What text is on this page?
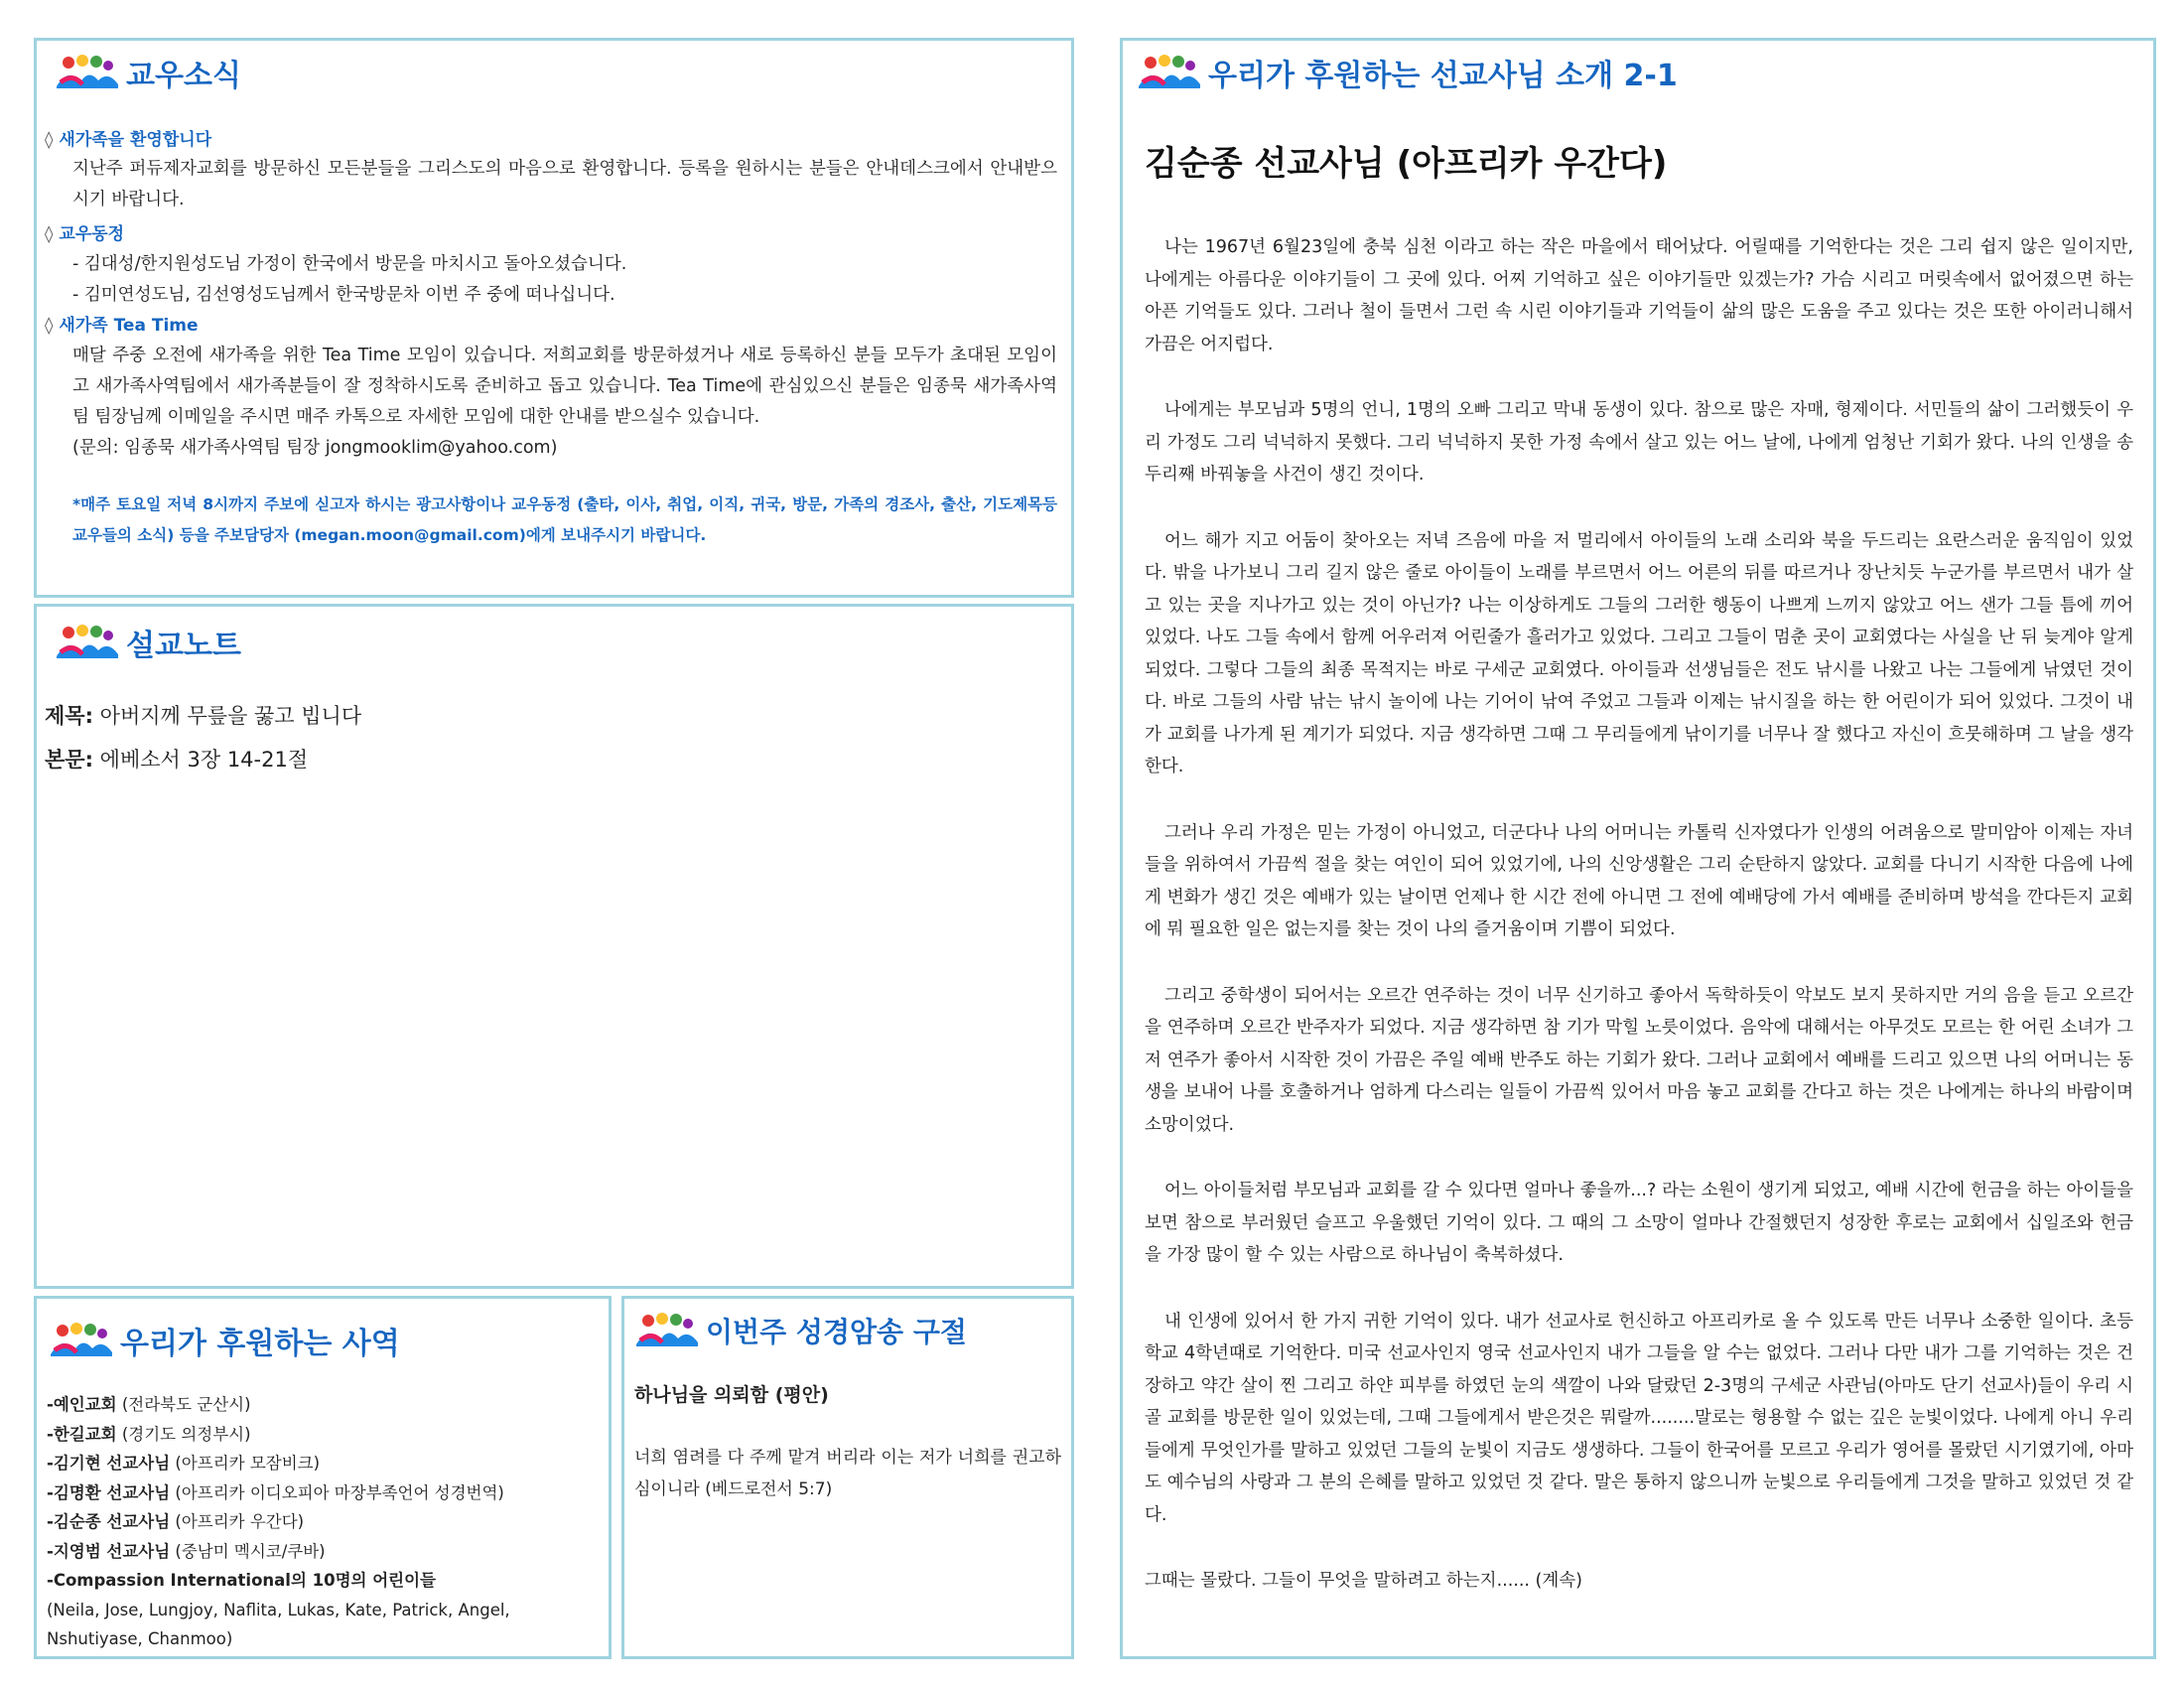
교우소식
◊ 새가족을 환영합니다
지난주 퍼듀제자교회를 방문하신 모든분들을 그리스도의 마음으로 환영합니다. 등록을 원하시는 분들은 안내데스크에서 안내받으시기 바랍니다.
◊ 교우동정
- 김대성/한지원성도님 가정이 한국에서 방문을 마치시고 돌아오셨습니다.
- 김미연성도님, 김선영성도님께서 한국방문차 이번 주 중에 떠나십니다.
◊ 새가족 Tea Time
매달 주중 오전에 새가족을 위한 Tea Time 모임이 있습니다. 저희교회를 방문하셨거나 새로 등록하신 분들 모두가 초대된 모임이고 새가족사역팀에서 새가족분들이 잘 정착하시도록 준비하고 돕고 있습니다. Tea Time에 관심있으신 분들은 임종묵 새가족사역팀 팀장님께 이메일을 주시면 매주 카톡으로 자세한 모임에 대한 안내를 받으실수 있습니다.
(문의: 임종묵 새가족사역팀 팀장 jongmooklim@yahoo.com)
*매주 토요일 저녁 8시까지 주보에 싣고자 하시는 광고사항이나 교우동정 (출타, 이사, 취업, 이직, 귀국, 방문, 가족의 경조사, 출산, 기도제목등 교우들의 소식) 등을 주보담당자 (megan.moon@gmail.com)에게 보내주시기 바랍니다.
설교노트
제목: 아버지께 무릎을 꿇고 빕니다
본문: 에베소서 3장 14-21절
우리가 후원하는 사역
-예인교회 (전라북도 군산시)
-한길교회 (경기도 의정부시)
-김기현 선교사님 (아프리카 모잠비크)
-김명환 선교사님 (아프리카 이디오피아 마장부족언어 성경번역)
-김순종 선교사님 (아프리카 우간다)
-지영범 선교사님 (중남미 멕시코/쿠바)
-Compassion International의 10명의 어린이들
(Neila, Jose, Lungjoy, Naflita, Lukas, Kate, Patrick, Angel, Nshutiyase, Chanmoo)
이번주 성경암송 구절
하나님을 의뢰함 (평안)
너희 염려를 다 주께 맡겨 버리라 이는 저가 너희를 권고하심이니라 (베드로전서 5:7)
우리가 후원하는 선교사님 소개 2-1
김순종 선교사님 (아프리카 우간다)

나는 1967년 6월23일에 충북 심천 이라고 하는 작은 마을에서 태어났다. 어릴때를 기억한다는 것은 그리 쉽지 않은 일이지만, 나에게는 아름다운 이야기들이 그 곳에 있다. 어찌 기억하고 싶은 이야기들만 있겠는가? 가슴 시리고 머릿속에서 없어졌으면 하는 아픈 기억들도 있다. 그러나 철이 들면서 그런 속 시린 이야기들과 기억들이 삶의 많은 도움을 주고 있다는 것은 또한 아이러니해서 가끔은 어지럽다.

나에게는 부모님과 5명의 언니, 1명의 오빠 그리고 막내 동생이 있다. 참으로 많은 자매, 형제이다. 서민들의 삶이 그러했듯이 우리 가정도 그리 넉넉하지 못했다. 그리 넉넉하지 못한 가정 속에서 살고 있는 어느 날에, 나에게 엄청난 기회가 왔다. 나의 인생을 송두리째 바꿔놓을 사건이 생긴 것이다.

어느 해가 지고 어둠이 찾아오는 저녁 즈음에 마을 저 멀리에서 아이들의 노래 소리와 북을 두드리는 요란스러운 움직임이 있었다. 밖을 나가보니 그리 길지 않은 줄로 아이들이 노래를 부르면서 어느 어른의 뒤를 따르거나 장난치듯 누군가를 부르면서 내가 살고 있는 곳을 지나가고 있는 것이 아닌가? 나는 이상하게도 그들의 그러한 행동이 나쁘게 느끼지 않았고 어느 샌가 그들 틈에 끼어 있었다. 나도 그들 속에서 함께 어우러져 어린줄가 흘러가고 있었다. 그리고 그들이 멈춘 곳이 교회였다는 사실을 난 뒤 늦게야 알게 되었다. 그렇다 그들의 최종 목적지는 바로 구세군 교회였다. 아이들과 선생님들은 전도 낚시를 나왔고 나는 그들에게 낚였던 것이다. 바로 그들의 사람 낚는 낚시 놀이에 나는 기어이 낚여 주었고 그들과 이제는 낚시질을 하는 한 어린이가 되어 있었다. 그것이 내가 교회를 나가게 된 계기가 되었다. 지금 생각하면 그때 그 무리들에게 낚이기를 너무나 잘 했다고 자신이 흐뭇해하며 그 날을 생각한다.

그러나 우리 가정은 믿는 가정이 아니었고, 더군다나 나의 어머니는 카톨릭 신자였다가 인생의 어려움으로 말미암아 이제는 자녀들을 위하여서 가끔씩 절을 찾는 여인이 되어 있었기에, 나의 신앙생활은 그리 순탄하지 않았다. 교회를 다니기 시작한 다음에 나에게 변화가 생긴 것은 예배가 있는 날이면 언제나 한 시간 전에 아니면 그 전에 예배당에 가서 예배를 준비하며 방석을 깐다든지 교회에 뭐 필요한 일은 없는지를 찾는 것이 나의 즐거움이며 기쁨이 되었다.

그리고 중학생이 되어서는 오르간 연주하는 것이 너무 신기하고 좋아서 독학하듯이 악보도 보지 못하지만 거의 음을 듣고 오르간을 연주하며 오르간 반주자가 되었다. 지금 생각하면 참 기가 막힐 노릇이었다. 음악에 대해서는 아무것도 모르는 한 어린 소녀가 그저 연주가 좋아서 시작한 것이 가끔은 주일 예배 반주도 하는 기회가 왔다. 그러나 교회에서 예배를 드리고 있으면 나의 어머니는 동생을 보내어 나를 호출하거나 엄하게 다스리는 일들이 가끔씩 있어서 마음 놓고 교회를 간다고 하는 것은 나에게는 하나의 바람이며 소망이었다.

어느 아이들처럼 부모님과 교회를 갈 수 있다면 얼마나 좋을까...? 라는 소원이 생기게 되었고, 예배 시간에 헌금을 하는 아이들을 보면 참으로 부러웠던 슬프고 우울했던 기억이 있다. 그 때의 그 소망이 얼마나 간절했던지 성장한 후로는 교회에서 십일조와 헌금을 가장 많이 할 수 있는 사람으로 하나님이 축복하셨다.

내 인생에 있어서 한 가지 귀한 기억이 있다. 내가 선교사로 헌신하고 아프리카로 올 수 있도록 만든 너무나 소중한 일이다. 초등학교 4학년때로 기억한다. 미국 선교사인지 영국 선교사인지 내가 그들을 알 수는 없었다. 그러나 다만 내가 그를 기억하는 것은 건장하고 약간 살이 찐 그리고 하얀 피부를 하였던 눈의 색깔이 나와 달랐던 2-3명의 구세군 사관님(아마도 단기 선교사)들이 우리 시골 교회를 방문한 일이 있었는데, 그때 그들에게서 받은것은 뭐랄까........말로는 형용할 수 없는 깊은 눈빛이었다. 나에게 아니 우리들에게 무엇인가를 말하고 있었던 그들의 눈빛이 지금도 생생하다. 그들이 한국어를 모르고 우리가 영어를 몰랐던 시기였기에, 아마도 예수님의 사랑과 그 분의 은혜를 말하고 있었던 것 같다. 말은 통하지 않으니까 눈빛으로 우리들에게 그것을 말하고 있었던 것 같다.

그때는 몰랐다. 그들이 무엇을 말하려고 하는지...... (계속)
